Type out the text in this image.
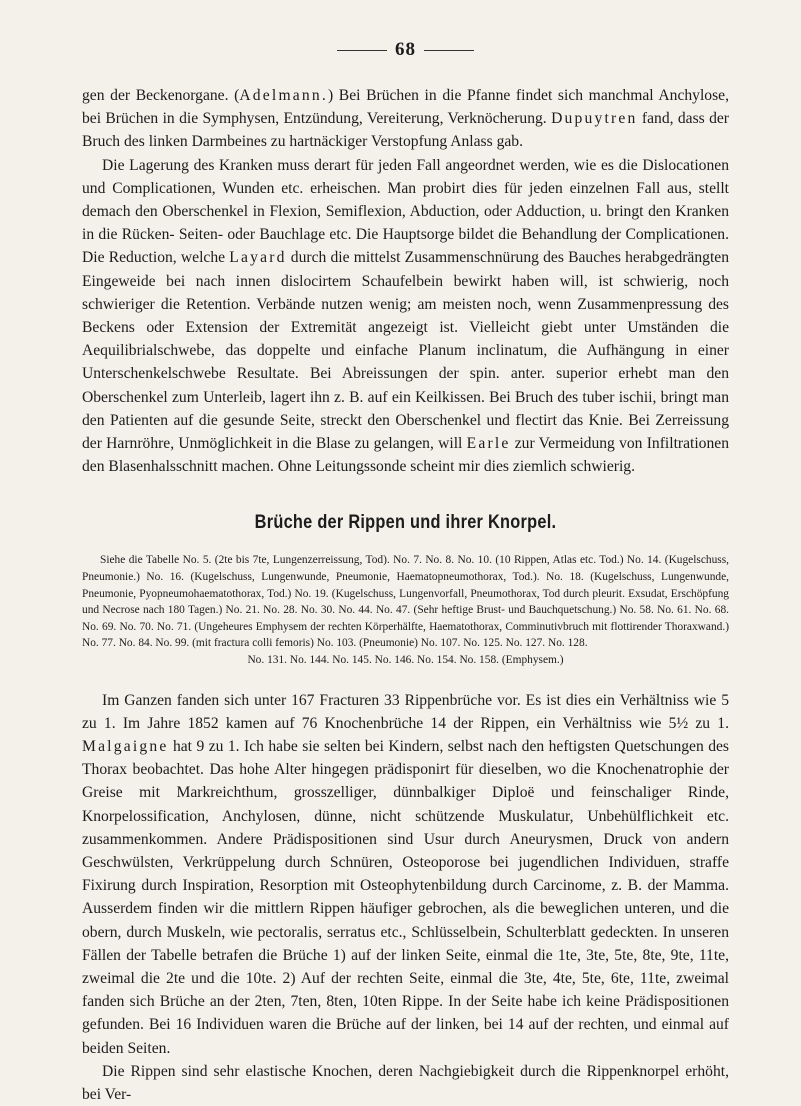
68

gen der Beckenorgane. (Adelmann.) Bei Brüchen in die Pfanne findet sich manchmal Anchylose, bei Brüchen in die Symphysen, Entzündung, Vereiterung, Verknöcherung. Dupuytren fand, dass der Bruch des linken Darmbeines zu hartnäckiger Verstopfung Anlass gab.

Die Lagerung des Kranken muss derart für jeden Fall angeordnet werden, wie es die Dislocationen und Complicationen, Wunden etc. erheischen. Man probirt dies für jeden einzelnen Fall aus, stellt demach den Oberschenkel in Flexion, Semiflexion, Abduction, oder Adduction, u. bringt den Kranken in die Rücken- Seiten- oder Bauchlage etc. Die Hauptsorge bildet die Behandlung der Complicationen. Die Reduction, welche Layard durch die mittelst Zusammenschnürung des Bauches herabgedrängten Eingeweide bei nach innen dislocirtem Schaufelbein bewirkt haben will, ist schwierig, noch schwieriger die Retention. Verbände nutzen wenig; am meisten noch, wenn Zusammenpressung des Beckens oder Extension der Extremität angezeigt ist. Vielleicht giebt unter Umständen die Aequilibrialschwebe, das doppelte und einfache Planum inclinatum, die Aufhängung in einer Unterschenkelschwebe Resultate. Bei Abreissungen der spin. anter. superior erhebt man den Oberschenkel zum Unterleib, lagert ihn z. B. auf ein Keilkissen. Bei Bruch des tuber ischii, bringt man den Patienten auf die gesunde Seite, streckt den Oberschenkel und flectirt das Knie. Bei Zerreissung der Harnröhre, Unmöglichkeit in die Blase zu gelangen, will Earle zur Vermeidung von Infiltrationen den Blasenhalsschnitt machen. Ohne Leitungssonde scheint mir dies ziemlich schwierig.

Brüche der Rippen und ihrer Knorpel.

Siehe die Tabelle No. 5. (2te bis 7te, Lungenzerreissung, Tod). No. 7. No. 8. No. 10. (10 Rippen, Atlas etc. Tod.) No. 14. (Kugelschuss, Pneumonie.) No. 16. (Kugelschuss, Lungenwunde, Pneumonie, Haematopneumothorax, Tod.). No. 18. (Kugelschuss, Lungenwunde, Pneumonie, Pyopneumohaematothorax, Tod.) No. 19. (Kugelschuss, Lungenvorfall, Pneumothorax, Tod durch pleurit. Exsudat, Erschöpfung und Necrose nach 180 Tagen.) No. 21. No. 28. No. 30. No. 44. No. 47. (Sehr heftige Brust- und Bauchquetschung.) No. 58. No. 61. No. 68. No. 69. No. 70. No. 71. (Ungeheures Emphysem der rechten Körperhälfte, Haematothorax, Comminutivbruch mit flottirender Thoraxwand.) No. 77. No. 84. No. 99. (mit fractura colli femoris) No. 103. (Pneumonie) No. 107. No. 125. No. 127. No. 128.
No. 131. No. 144. No. 145. No. 146. No. 154. No. 158. (Emphysem.)

Im Ganzen fanden sich unter 167 Fracturen 33 Rippenbrüche vor. Es ist dies ein Verhältniss wie 5 zu 1. Im Jahre 1852 kamen auf 76 Knochenbrüche 14 der Rippen, ein Verhältniss wie 5½ zu 1. Malgaigne hat 9 zu 1. Ich habe sie selten bei Kindern, selbst nach den heftigsten Quetschungen des Thorax beobachtet. Das hohe Alter hingegen prädisponirt für dieselben, wo die Knochenatrophie der Greise mit Markreichthum, grosszelliger, dünnbalkiger Diploë und feinschaliger Rinde, Knorpelossification, Anchylosen, dünne, nicht schützende Muskulatur, Unbehülflichkeit etc. zusammenkommen. Andere Prädispositionen sind Usur durch Aneurysmen, Druck von andern Geschwülsten, Verkrüppelung durch Schnüren, Osteoporose bei jugendlichen Individuen, straffe Fixirung durch Inspiration, Resorption mit Osteophytenbildung durch Carcinome, z. B. der Mamma. Ausserdem finden wir die mittlern Rippen häufiger gebrochen, als die beweglichen unteren, und die obern, durch Muskeln, wie pectoralis, serratus etc., Schlüsselbein, Schulterblatt gedeckten. In unseren Fällen der Tabelle betrafen die Brüche 1) auf der linken Seite, einmal die 1te, 3te, 5te, 8te, 9te, 11te, zweimal die 2te und die 10te. 2) Auf der rechten Seite, einmal die 3te, 4te, 5te, 6te, 11te, zweimal fanden sich Brüche an der 2ten, 7ten, 8ten, 10ten Rippe. In der Seite habe ich keine Prädispositionen gefunden. Bei 16 Individuen waren die Brüche auf der linken, bei 14 auf der rechten, und einmal auf beiden Seiten.

Die Rippen sind sehr elastische Knochen, deren Nachgiebigkeit durch die Rippenknorpel erhöht, bei Ver-
